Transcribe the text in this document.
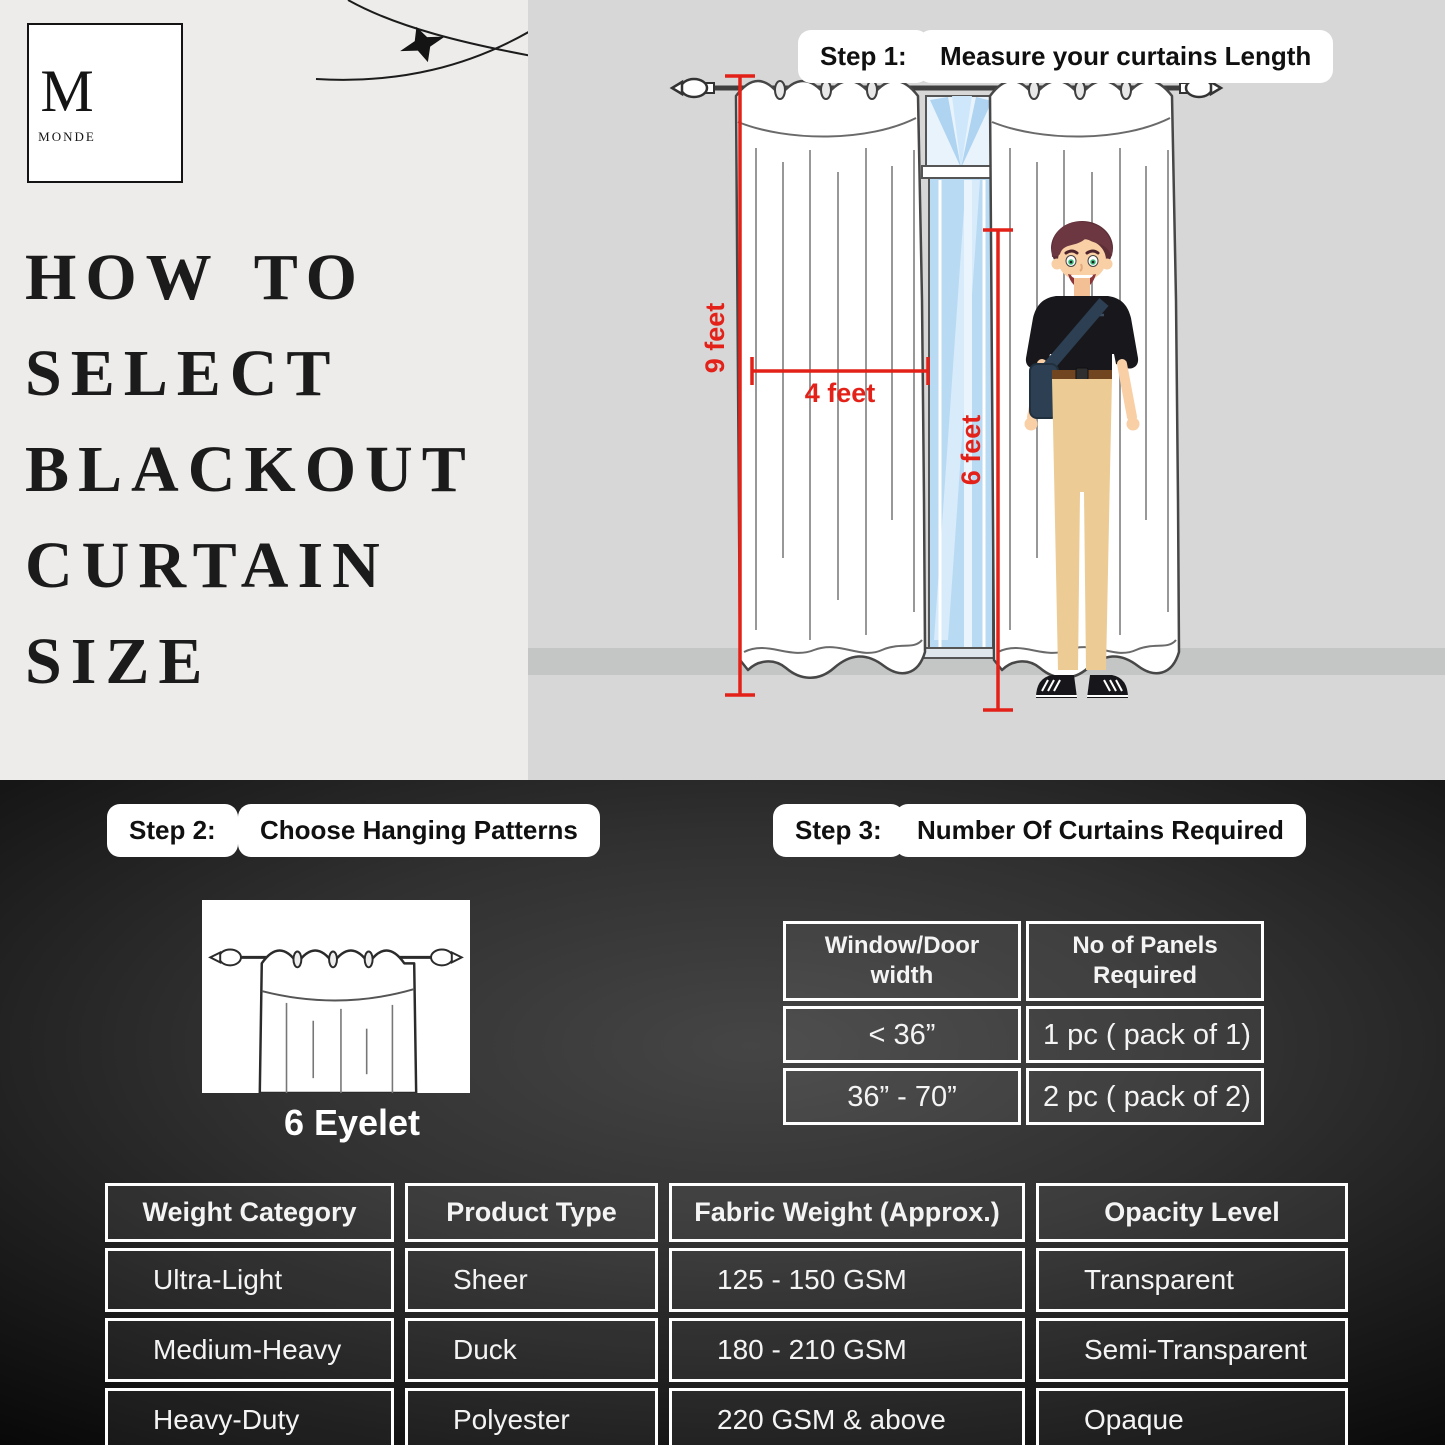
M
MONDE
HOW TO
SELECT
BLACKOUT
CURTAIN
SIZE
9 feet
4 feet
6 feet
Step 1: Measure your curtains Length
Step 2: Choose Hanging Patterns	Step 3: Number Of Curtains Required
6 Eyelet
Window/Door width	No of Panels Required
< 36”	1 pc ( pack of 1)
36” - 70”	2 pc ( pack of 2)
Weight Category	Product Type	Fabric Weight (Approx.)	Opacity Level
Ultra-Light	Sheer	125 - 150 GSM	Transparent
Medium-Heavy	Duck	180 - 210 GSM	Semi-Transparent
Heavy-Duty	Polyester	220 GSM & above	Opaque
